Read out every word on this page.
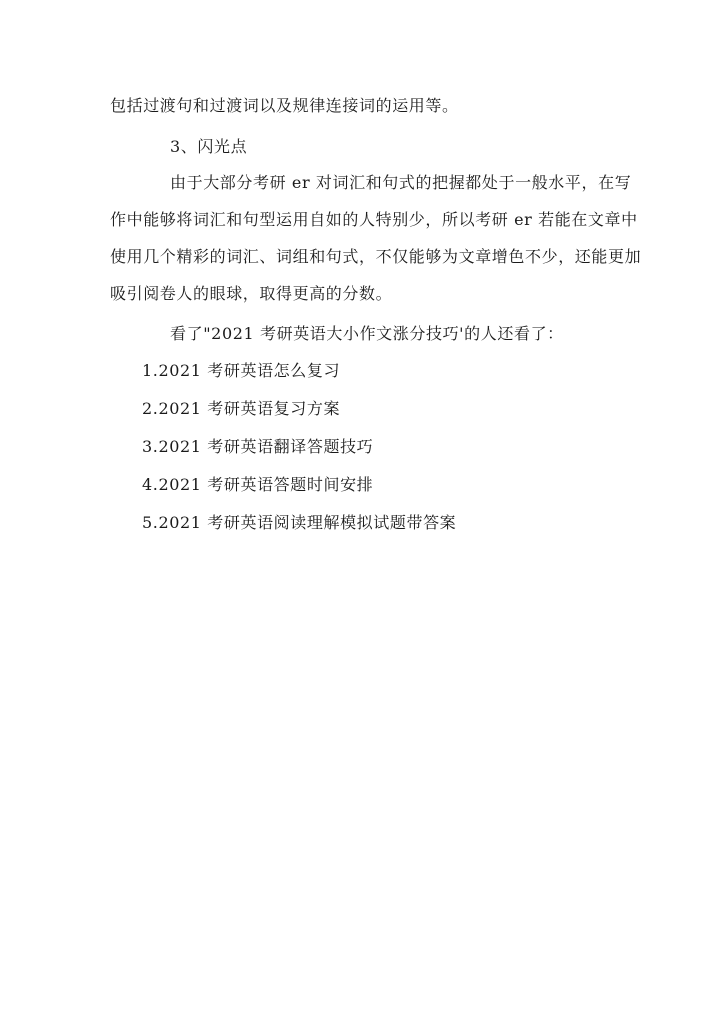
包括过渡句和过渡词以及规律连接词的运用等。
3、闪光点
由于大部分考研 er 对词汇和句式的把握都处于一般水平，在写
作中能够将词汇和句型运用自如的人特别少，所以考研 er 若能在文章中
使用几个精彩的词汇、词组和句式，不仅能够为文章增色不少，还能更加
吸引阅卷人的眼球，取得更高的分数。
看了"2021 考研英语大小作文涨分技巧'的人还看了：
1.2021 考研英语怎么复习
2.2021 考研英语复习方案
3.2021 考研英语翻译答题技巧
4.2021 考研英语答题时间安排
5.2021 考研英语阅读理解模拟试题带答案
